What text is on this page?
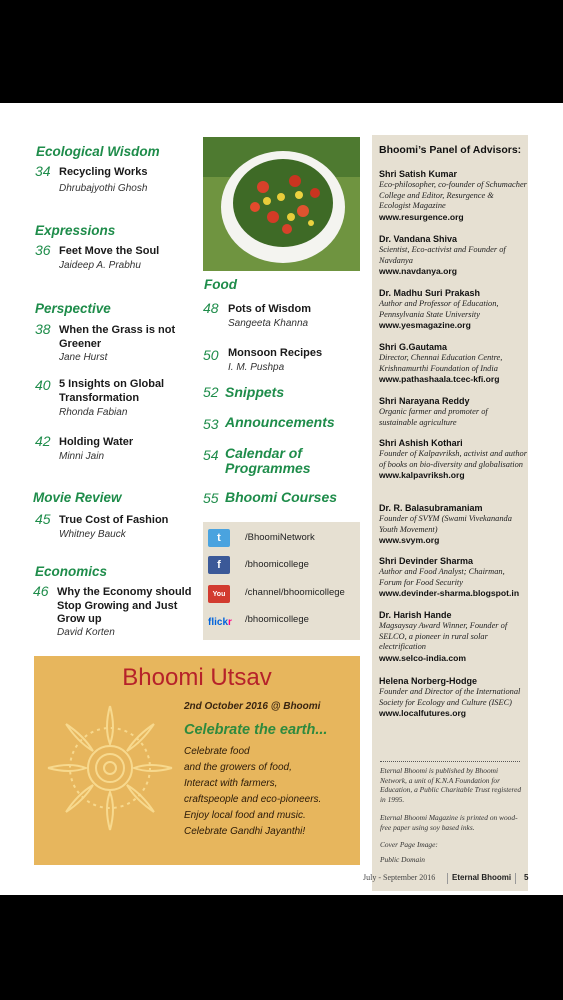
Ecological Wisdom
34 Recycling Works
Dhrubajyothi Ghosh
Expressions
36 Feet Move the Soul
Jaideep A. Prabhu
Perspective
38 When the Grass is not Greener
Jane Hurst
40 5 Insights on Global Transformation
Rhonda Fabian
42 Holding Water
Minni Jain
Movie Review
45 True Cost of Fashion
Whitney Bauck
Economics
46 Why the Economy should Stop Growing and Just Grow up
David Korten
Food
48 Pots of Wisdom
Sangeeta Khanna
50 Monsoon Recipes
I. M. Pushpa
52 Snippets
53 Announcements
54 Calendar of Programmes
55 Bhoomi Courses
t	/BhoomiNetwork
f	/bhoomicollege
You	/channel/bhoomicollege
flickr /bhoomicollege
Bhoomi Utsav
2nd October 2016 @ Bhoomi
Celebrate the earth...
Celebrate food
and the growers of food,
Interact with farmers,
craftspeople and eco-pioneers.
Enjoy local food and music.
Celebrate Gandhi Jayanthi!
Bhoomi’s Panel of Advisors:
Shri Satish Kumar
Eco-philosopher, co-founder of Schumacher College and Editor, Resurgence & Ecologist Magazine
www.resurgence.org
Dr. Vandana Shiva
Scientist, Eco-activist and Founder of Navdanya
www.navdanya.org
Dr. Madhu Suri Prakash
Author and Professor of Education, Pennsylvania State University
www.yesmagazine.org
Shri G.Gautama
Director, Chennai Education Centre, Krishnamurthi Foundation of India
www.pathashaala.tcec-kfi.org
Shri Narayana Reddy
Organic farmer and promoter of sustainable agriculture
Shri Ashish Kothari
Founder of Kalpavriksh, activist and author of books on bio-diversity and globalisation
www.kalpavriksh.org
Dr. R. Balasubramaniam
Founder of SVYM (Swami Vivekananda Youth Movement)
www.svym.org
Shri Devinder Sharma
Author and Food Analyst; Chairman, Forum for Food Security
www.devinder-sharma.blogspot.in
Dr. Harish Hande
Magsaysay Award Winner, Founder of SELCO, a pioneer in rural solar electrification
www.selco-india.com
Helena Norberg-Hodge
Founder and Director of the International Society for Ecology and Culture (ISEC)
www.localfutures.org
Eternal Bhoomi is published by Bhoomi Network, a unit of K.N.A Foundation for Education, a Public Charitable Trust registered in 1995.
Eternal Bhoomi Magazine is printed on wood-free paper using soy based inks.
Cover Page Image:
Public Domain
July - September 2016 Eternal Bhoomi 5
